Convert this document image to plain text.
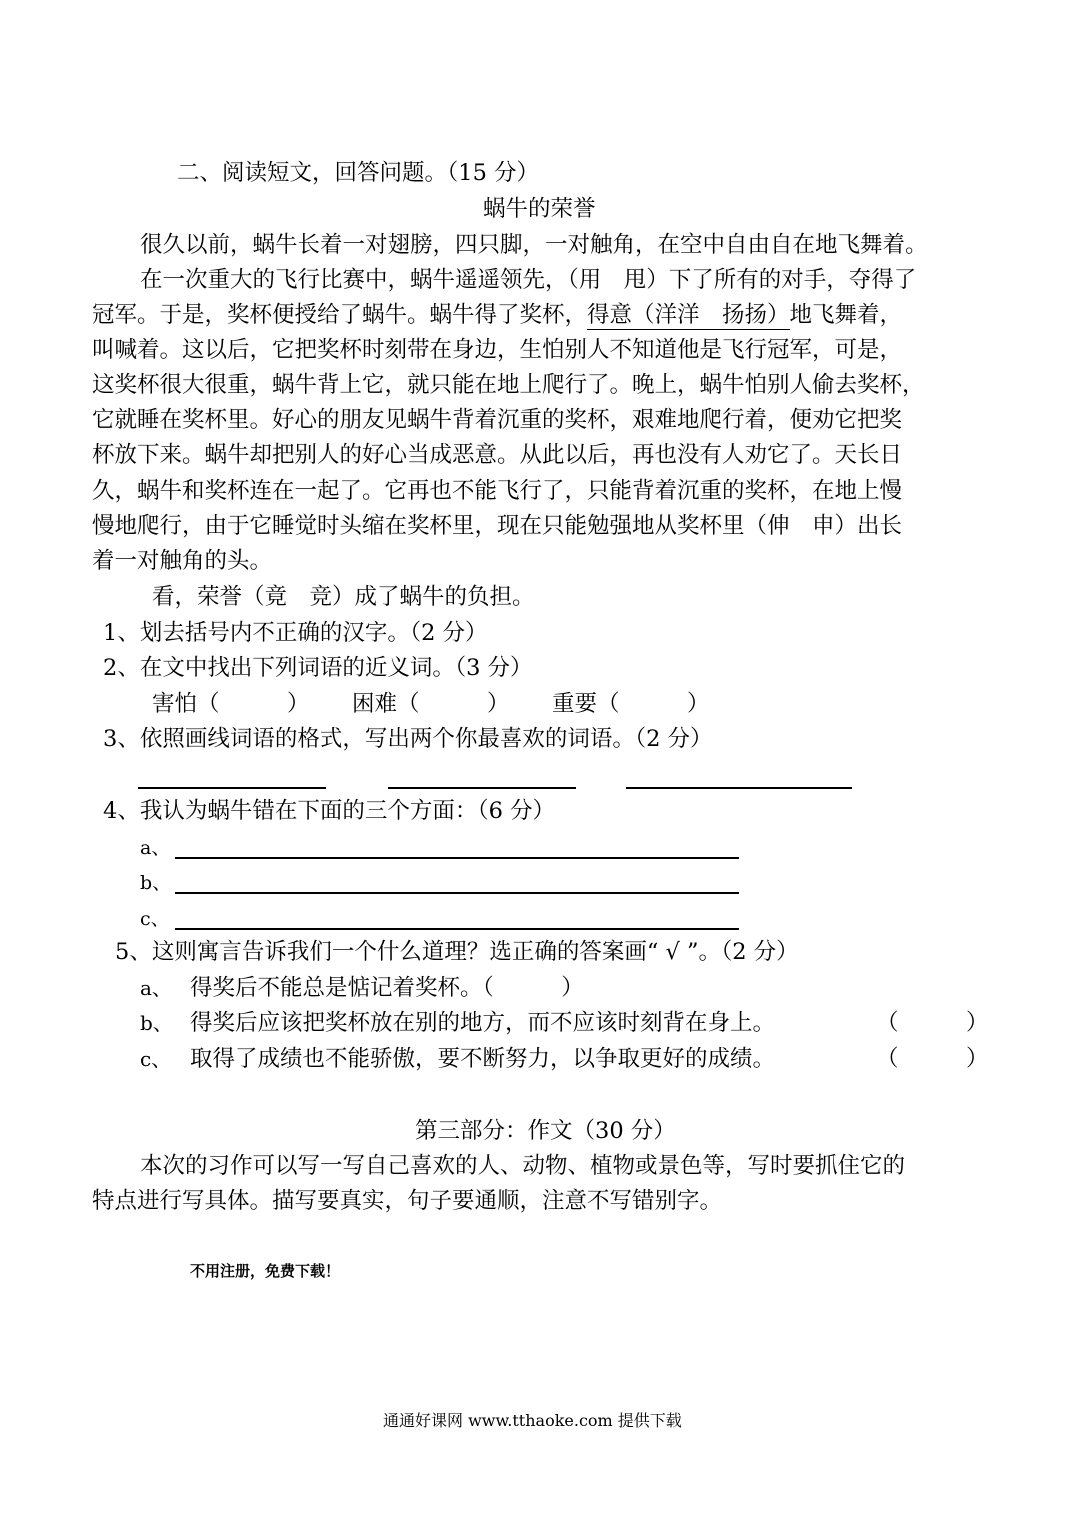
二、阅读短文，回答问题。（15 分）
蜗牛的荣誉
很久以前，蜗牛长着一对翅膀，四只脚，一对触角，在空中自由自在地飞舞着。
在一次重大的飞行比赛中，蜗牛遥遥领先，（用　甩）下了所有的对手，夺得了
冠军。于是，奖杯便授给了蜗牛。蜗牛得了奖杯，得意（洋洋　扬扬）地飞舞着，
叫喊着。这以后，它把奖杯时刻带在身边，生怕别人不知道他是飞行冠军，可是，
这奖杯很大很重，蜗牛背上它，就只能在地上爬行了。晚上，蜗牛怕别人偷去奖杯，
它就睡在奖杯里。好心的朋友见蜗牛背着沉重的奖杯，艰难地爬行着，便劝它把奖
杯放下来。蜗牛却把别人的好心当成恶意。从此以后，再也没有人劝它了。天长日
久，蜗牛和奖杯连在一起了。它再也不能飞行了，只能背着沉重的奖杯，在地上慢
慢地爬行，由于它睡觉时头缩在奖杯里，现在只能勉强地从奖杯里（伸　申）出长
着一对触角的头。
看，荣誉（竟　竞）成了蜗牛的负担。
1、划去括号内不正确的汉字。（2 分）
2、在文中找出下列词语的近义词。（3 分）
害怕（　　　） 困难（　　　） 重要（　　　）
3、依照画线词语的格式，写出两个你最喜欢的词语。（2 分）
4、我认为蜗牛错在下面的三个方面：（6 分）
a、
b、
c、
5、这则寓言告诉我们一个什么道理？选正确的答案画“ √ ”。（2 分）
a、 得奖后不能总是惦记着奖杯。（　　　）
b、 得奖后应该把奖杯放在别的地方，而不应该时刻背在身上。	（　　　）
c、 取得了成绩也不能骄傲，要不断努力，以争取更好的成绩。	（　　　）
第三部分：作文（30 分）
本次的习作可以写一写自己喜欢的人、动物、植物或景色等，写时要抓住它的
特点进行写具体。描写要真实，句子要通顺，注意不写错别字。
不用注册，免费下载！
通通好课网 www.tthaoke.com 提供下载
